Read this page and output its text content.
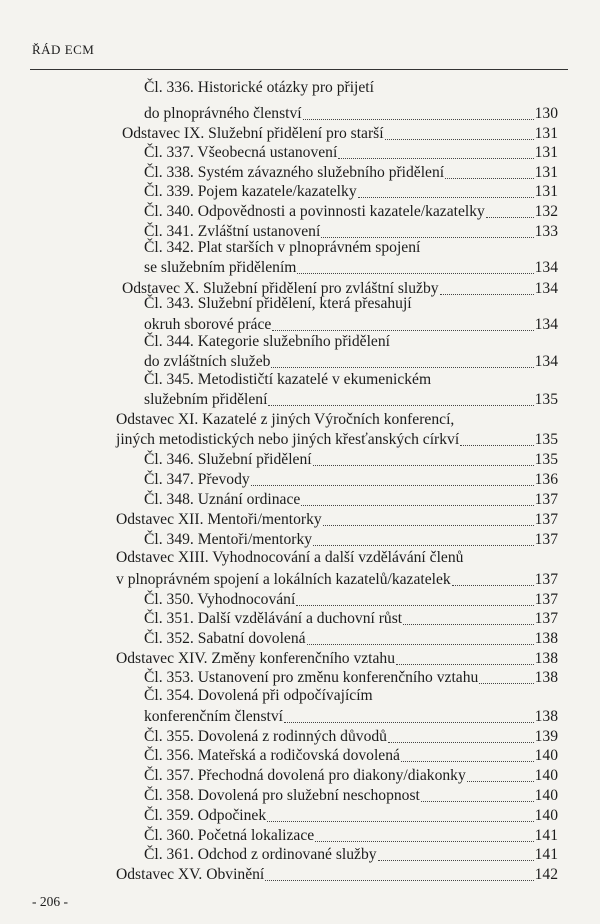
ŘÁD ECM
Čl. 336. Historické otázky pro přijetí
do plnoprávného členství	130
Odstavec IX. Služební přidělení pro starší	131
Čl. 337. Všeobecná ustanovení	131
Čl. 338. Systém závazného služebního přidělení	131
Čl. 339. Pojem kazatele/kazatelky	131
Čl. 340. Odpovědnosti a povinnosti kazatele/kazatelky	132
Čl. 341. Zvláštní ustanovení	133
Čl. 342. Plat starších v plnoprávném spojení
se služebním přidělením	134
Odstavec X. Služební přidělení pro zvláštní služby	134
Čl. 343. Služební přidělení, která přesahují
okruh sborové práce	134
Čl. 344. Kategorie služebního přidělení
do zvláštních služeb	134
Čl. 345. Metodističtí kazatelé v ekumenickém
služebním přidělení	135
Odstavec XI. Kazatelé z jiných Výročních konferencí,
jiných metodistických nebo jiných křesťanských církví	135
Čl. 346. Služební přidělení	135
Čl. 347. Převody	136
Čl. 348. Uznání ordinace	137
Odstavec XII. Mentoři/mentorky	137
Čl. 349. Mentoři/mentorky	137
Odstavec XIII. Vyhodnocování a další vzdělávání členů
v plnoprávném spojení a lokálních kazatelů/kazatelek	137
Čl. 350. Vyhodnocování	137
Čl. 351. Další vzdělávání a duchovní růst	137
Čl. 352. Sabatní dovolená	138
Odstavec XIV. Změny konferenčního vztahu	138
Čl. 353. Ustanovení pro změnu konferenčního vztahu	138
Čl. 354. Dovolená při odpočívajícím
konferenčním členství	138
Čl. 355. Dovolená z rodinných důvodů	139
Čl. 356. Mateřská a rodičovská dovolená	140
Čl. 357. Přechodná dovolená pro diakony/diakonky	140
Čl. 358. Dovolená pro služební neschopnost	140
Čl. 359. Odpočinek	140
Čl. 360. Početná lokalizace	141
Čl. 361. Odchod z ordinované služby	141
Odstavec XV. Obvinění	142
- 206 -
